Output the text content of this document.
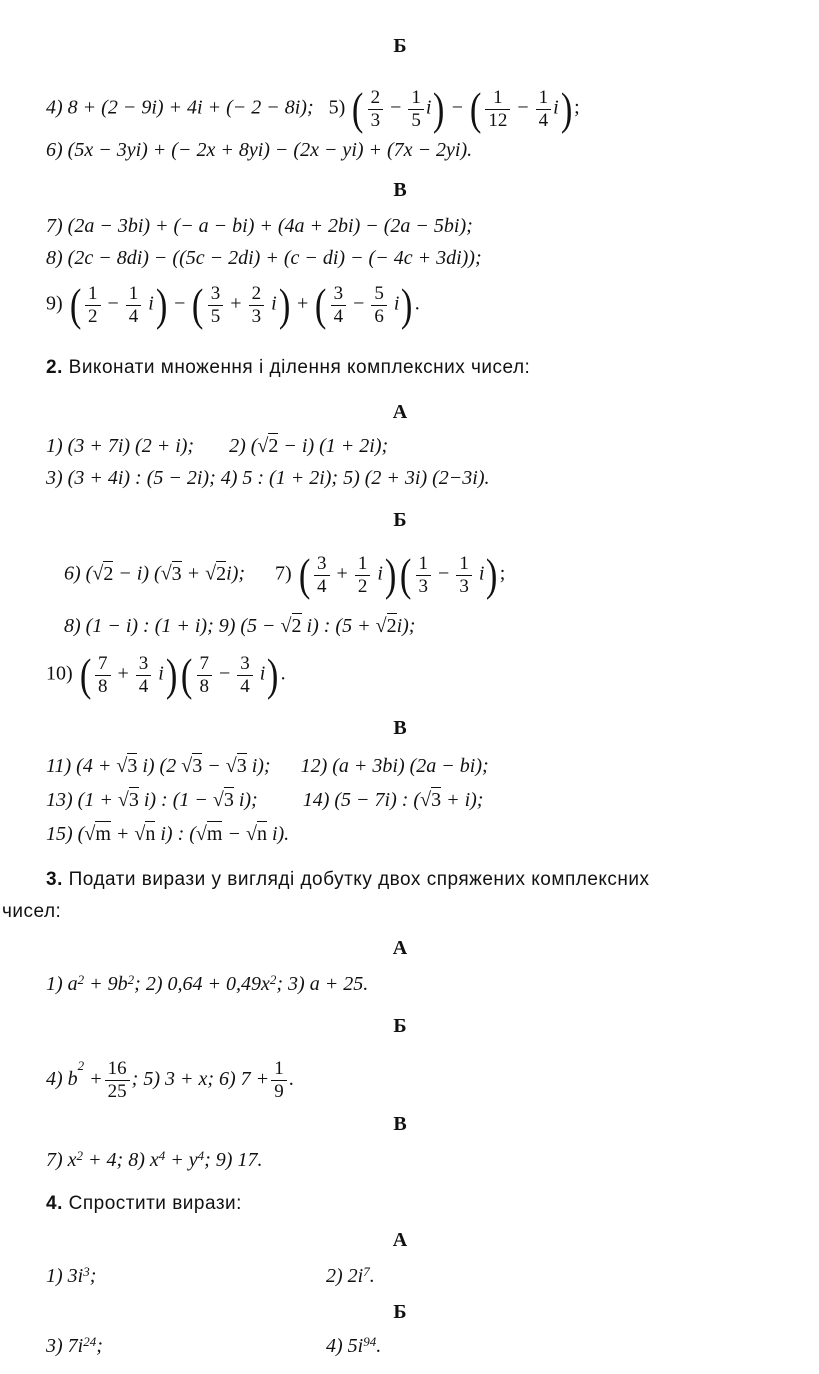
Б
4) 8 + (2 − 9i) + 4i + (− 2 − 8i); 5) ( $\frac{2}{3} - \frac{1}{5} i$) − ( $\frac{1}{12} - \frac{1}{4} i$);
6) (5x − 3yi) + (− 2x + 8yi) − (2x − yi) + (7x − 2yi).
В
7) (2a − 3bi) + (− a − bi) + (4a + 2bi) − (2a − 5bi);
8) (2c − 8di) − ((5c − 2di) + (c − di) − (− 4c + 3di));
9) ( $\frac{1}{2} - \frac{1}{4} i$) − ( $\frac{3}{5} + \frac{2}{3} i$) + ( $\frac{3}{4} - \frac{5}{6} i$).
2. Виконати множення і ділення комплексних чисел:
А
1) (3 + 7i) (2 + i); 2) (√2 − i) (1 + 2i);
3) (3 + 4i) : (5 − 2i); 4) 5 : (1 + 2i); 5) (2 + 3i) (2−3i).
Б
6) (√2 − i) (√3 + √2i); 7) ( $\frac{3}{4} + \frac{1}{2} i)( \frac{1}{3} - \frac{1}{3} i)$;
8) (1 − i) : (1 + i); 9) (5 − √2 i) : (5 + √2i);
10) ( $\frac{7}{8} + \frac{3}{4} i)( \frac{7}{8} - \frac{3}{4} i)$.
В
11) (4 + √3 i) (2 √3 − √3 i); 12) (a + 3bi) (2a − bi);
13) (1 + √3 i) : (1 − √3 i); 14) (5 − 7i) : (√3 + i);
15) (√m + √n i) : (√m − √n i).
3. Подати вирази у вигляді добутку двох спряжених комплексних
чисел:
А
1) $a^2 + 9b^2$; 2) $0,64 + 0,49x^2$; 3) a + 25.
Б
4) $b^2 + \frac{16}{25}$ ; 5) 3 + x; 6) $7 + \frac{1}{9}$ .
В
7) $x^2 + 4$; 8) $x^4 + y^4$; 9) 17.
4. Спростити вирази:
А
1) $3i^3$;	2) $2i^7$.
Б
3) $7i^{24}$;	4) $5i^{94}$.
